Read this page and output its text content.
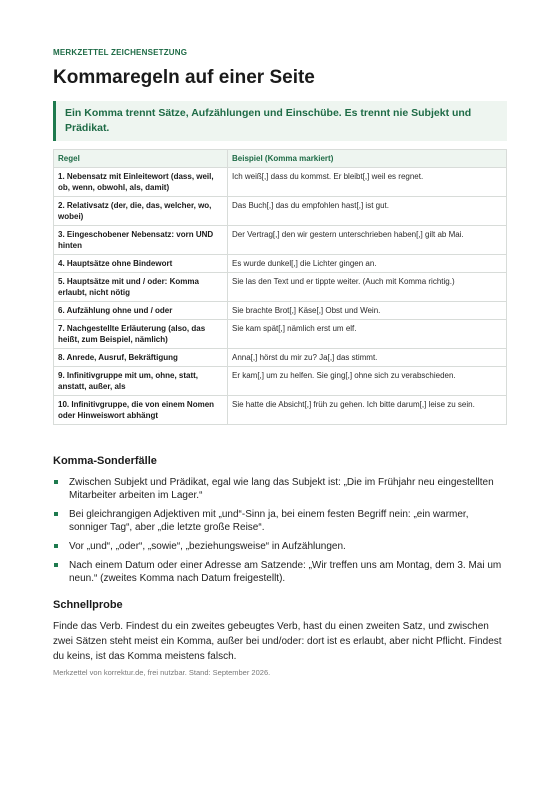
MERKZETTEL ZEICHENSETZUNG
Kommaregeln auf einer Seite
Ein Komma trennt Sätze, Aufzählungen und Einschübe. Es trennt nie Subjekt und Prädikat.
Regel	Beispiel (Komma markiert)
1. Nebensatz mit Einleitewort (dass, weil, ob, wenn, obwohl, als, damit)	Ich weiß[,] dass du kommst. Er bleibt[,] weil es regnet.
2. Relativsatz (der, die, das, welcher, wo, wobei)	Das Buch[,] das du empfohlen hast[,] ist gut.
3. Eingeschobener Nebensatz: vorn UND hinten	Der Vertrag[,] den wir gestern unterschrieben haben[,] gilt ab Mai.
4. Hauptsätze ohne Bindewort	Es wurde dunkel[,] die Lichter gingen an.
5. Hauptsätze mit und / oder: Komma erlaubt, nicht nötig	Sie las den Text und er tippte weiter. (Auch mit Komma richtig.)
6. Aufzählung ohne und / oder	Sie brachte Brot[,] Käse[,] Obst und Wein.
7. Nachgestellte Erläuterung (also, das heißt, zum Beispiel, nämlich)	Sie kam spät[,] nämlich erst um elf.
8. Anrede, Ausruf, Bekräftigung	Anna[,] hörst du mir zu? Ja[,] das stimmt.
9. Infinitivgruppe mit um, ohne, statt, anstatt, außer, als	Er kam[,] um zu helfen. Sie ging[,] ohne sich zu verabschieden.
10. Infinitivgruppe, die von einem Nomen oder Hinweiswort abhängt	Sie hatte die Absicht[,] früh zu gehen. Ich bitte darum[,] leise zu sein.
Komma-Sonderfälle
Zwischen Subjekt und Prädikat, egal wie lang das Subjekt ist: „Die im Frühjahr neu eingestellten Mitarbeiter arbeiten im Lager.“
Bei gleichrangigen Adjektiven mit „und“-Sinn ja, bei einem festen Begriff nein: „ein warmer, sonniger Tag“, aber „die letzte große Reise“.
Vor „und“, „oder“, „sowie“, „beziehungsweise“ in Aufzählungen.
Nach einem Datum oder einer Adresse am Satzende: „Wir treffen uns am Montag, dem 3. Mai um neun.“ (zweites Komma nach Datum freigestellt).
Schnellprobe

Finde das Verb. Findest du ein zweites gebeugtes Verb, hast du einen zweiten Satz, und zwischen zwei Sätzen steht meist ein Komma, außer bei und/oder: dort ist es erlaubt, aber nicht Pflicht. Findest du keins, ist das Komma meistens falsch.

Merkzettel von korrektur.de, frei nutzbar. Stand: September 2026.
